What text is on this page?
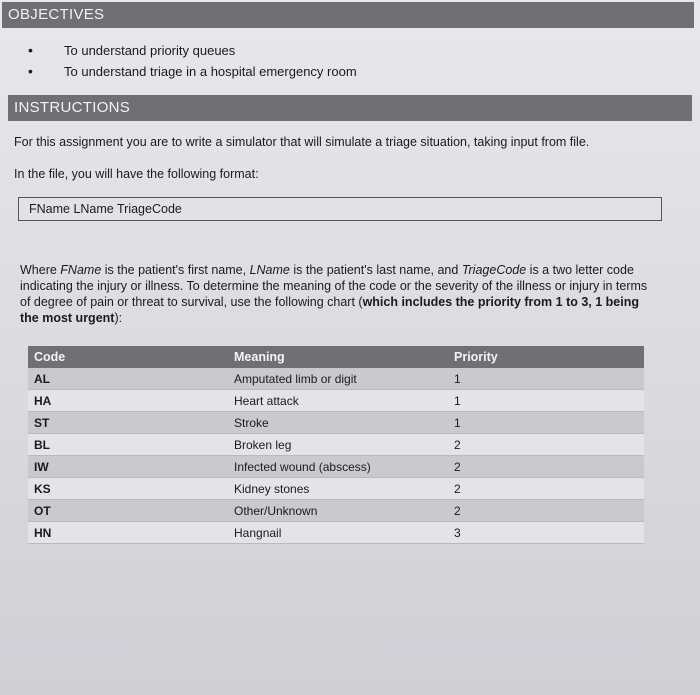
OBJECTIVES
•	To understand priority queues
•	To understand triage in a hospital emergency room
INSTRUCTIONS
For this assignment you are to write a simulator that will simulate a triage situation, taking input from file.
In the file, you will have the following format:
FName LName TriageCode
Where FName is the patient's first name, LName is the patient's last name, and TriageCode is a two letter code indicating the injury or illness. To determine the meaning of the code or the severity of the illness or injury in terms of degree of pain or threat to survival, use the following chart (which includes the priority from 1 to 3, 1 being the most urgent):
Code	Meaning	Priority
AL	Amputated limb or digit	1
HA	Heart attack	1
ST	Stroke	1
BL	Broken leg	2
IW	Infected wound (abscess)	2
KS	Kidney stones	2
OT	Other/Unknown	2
HN	Hangnail	3
